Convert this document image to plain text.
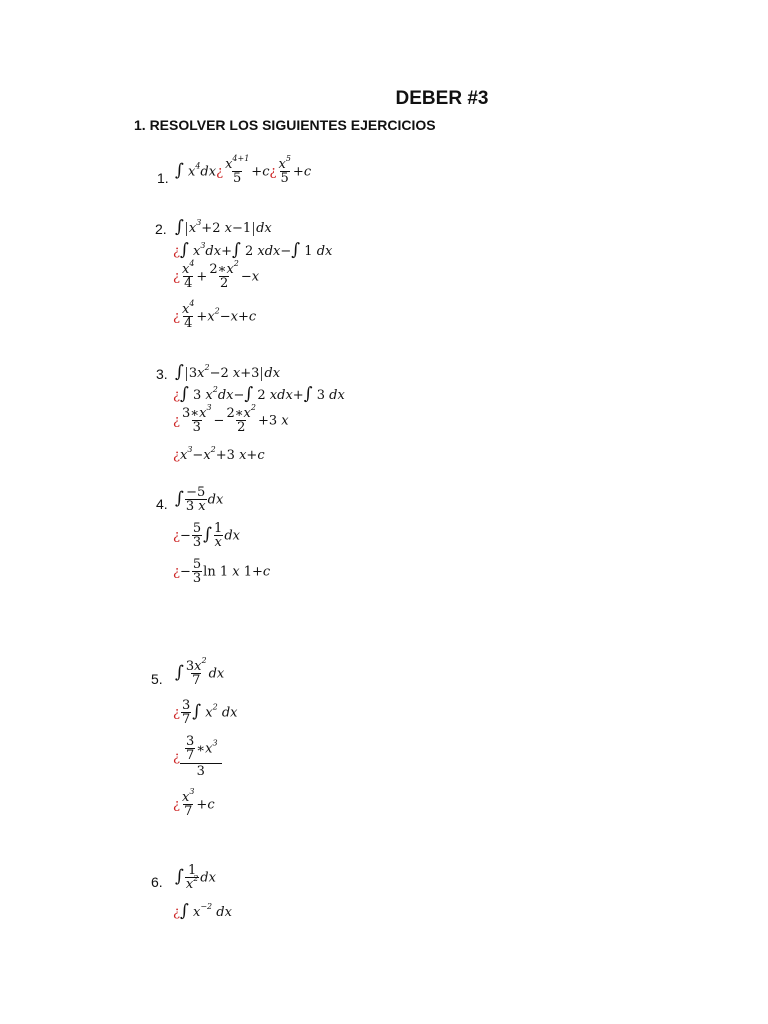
DEBER #3
1. RESOLVER LOS SIGUIENTES EJERCICIOS
1. ∫ $x^4dx¿ \frac{x^{4+1}}{5}$ +c¿ $\frac{x^5}{5} +c$
2. ∫ $x^3+2$ x−1 dx
¿∫ $x^3dx+\int$ 2 xdx−∫ 1 dx
¿ $\frac{x^4}{4} + \frac{2∗x^2}{2} -x$
¿ $\frac{x^4}{4} +x^2-x+c$
3. ∫ $3x^2-2$ x+3 dx
¿∫ 3 $x^2dx-\int$ 2 xdx+∫ 3 dx
¿ $\frac{3∗x^3}{3} - \frac{2∗x^2}{2} +3$ x
¿$x^3-x^2+3$ x+c
4. ∫ $\frac{-5}{3 x}$ dx
¿− $\frac{5}{3}$ ∫ $\frac{1}{x}$ dx
¿− $\frac{5}{3}$ ln 1 x 1+c
5. ∫ $\frac{3x^2}{7}$ dx
¿ $\frac{3}{7}$ ∫ $x^2$ dx
¿ $\frac{\frac{3}{7} ∗x^3}{3}$
¿ $\frac{x^3}{7} +c$
6. ∫ $\frac{1}{x^2}$ dx
¿∫ $x^{-2}$ dx
